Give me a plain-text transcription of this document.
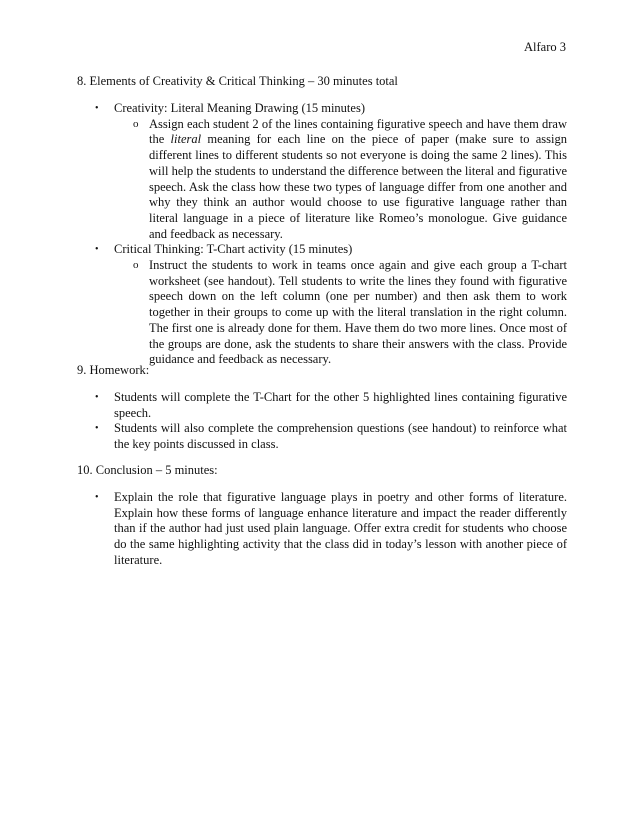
Alfaro 3
8. Elements of Creativity & Critical Thinking – 30 minutes total
• Creativity: Literal Meaning Drawing (15 minutes)
o Assign each student 2 of the lines containing figurative speech and have them draw the literal meaning for each line on the piece of paper (make sure to assign different lines to different students so not everyone is doing the same 2 lines). This will help the students to understand the difference between the literal and figurative speech. Ask the class how these two types of language differ from one another and why they think an author would choose to use figurative language rather than literal language in a piece of literature like Romeo’s monologue. Give guidance and feedback as necessary.
• Critical Thinking: T-Chart activity (15 minutes)
o Instruct the students to work in teams once again and give each group a T-chart worksheet (see handout). Tell students to write the lines they found with figurative speech down on the left column (one per number) and then ask them to work together in their groups to come up with the literal translation in the right column. The first one is already done for them. Have them do two more lines. Once most of the groups are done, ask the students to share their answers with the class. Provide guidance and feedback as necessary.
9. Homework:
• Students will complete the T-Chart for the other 5 highlighted lines containing figurative speech.
• Students will also complete the comprehension questions (see handout) to reinforce what the key points discussed in class.
10. Conclusion – 5 minutes:
• Explain the role that figurative language plays in poetry and other forms of literature. Explain how these forms of language enhance literature and impact the reader differently than if the author had just used plain language. Offer extra credit for students who choose do the same highlighting activity that the class did in today’s lesson with another piece of literature.
